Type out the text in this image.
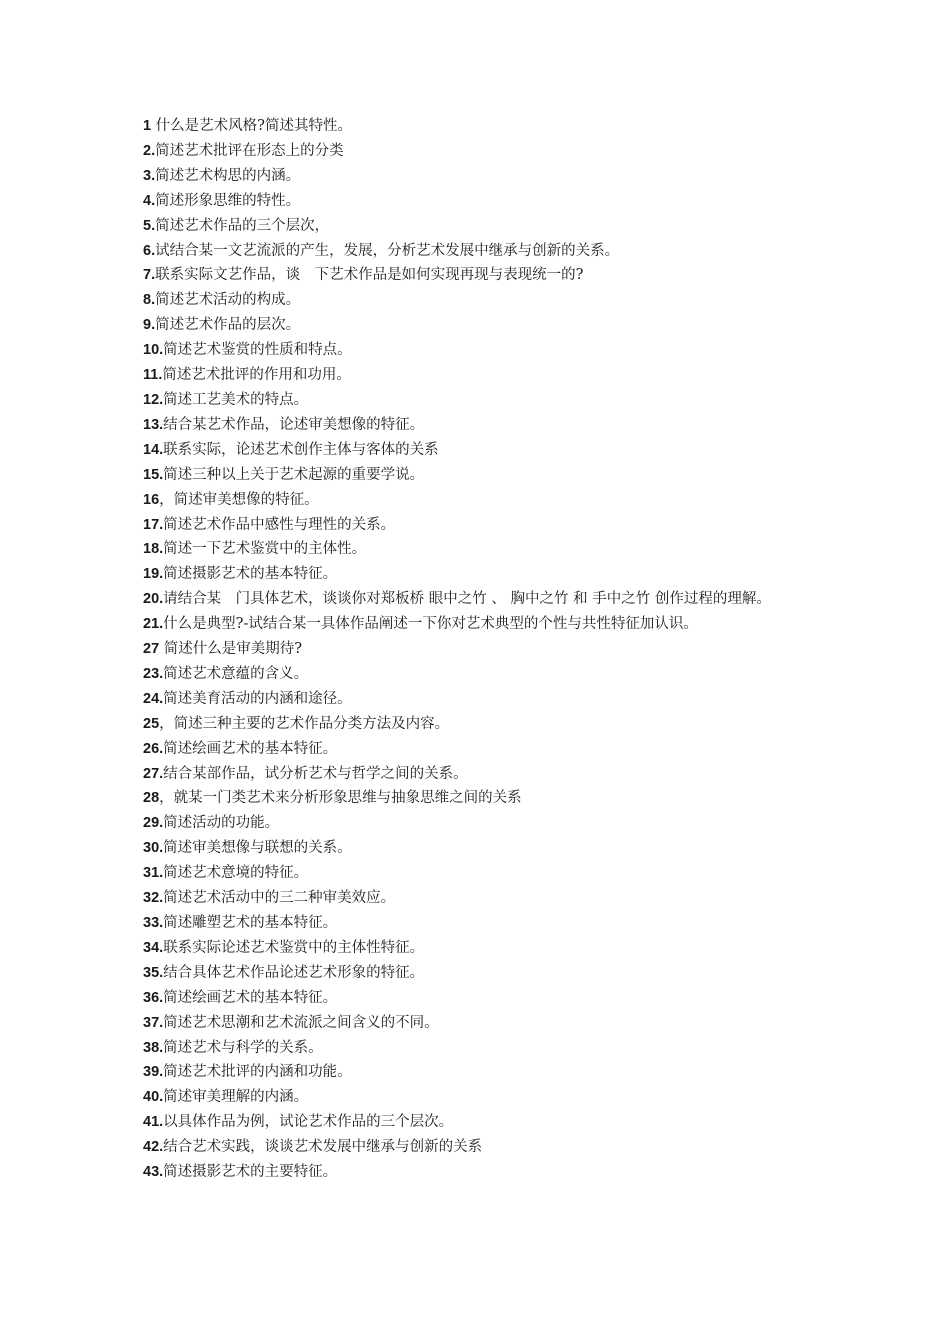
1 什么是艺术风格?简述其特性。
2.简述艺术批评在形态上的分类
3.简述艺术构思的内涵。
4.简述形象思维的特性。
5.简述艺术作品的三个层次，
6.试结合某一文艺流派的产生，发展，分析艺术发展中继承与创新的关系。
7.联系实际文艺作品，谈　下艺术作品是如何实现再现与表现统一的?
8.简述艺术活动的构成。
9.简述艺术作品的层次。
10.简述艺术鉴赏的性质和特点。
11.简述艺术批评的作用和功用。
12.简述工艺美术的特点。
13.结合某艺术作品，论述审美想像的特征。
14.联系实际，论述艺术创作主体与客体的关系
15.简述三种以上关于艺术起源的重要学说。
16，简述审美想像的特征。
17.简述艺术作品中感性与理性的关系。
18.简述一下艺术鉴赏中的主体性。
19.简述摄影艺术的基本特征。
20.请结合某　门具体艺术，谈谈你对郑板桥 眼中之竹 、 胸中之竹 和 手中之竹 创作过程的理解。
21.什么是典型?-试结合某一具体作品阐述一下你对艺术典型的个性与共性特征加认识。
27 简述什么是审美期待?
23.简述艺术意蕴的含义。
24.简述美育活动的内涵和途径。
25，简述三种主要的艺术作品分类方法及内容。
26.简述绘画艺术的基本特征。
27.结合某部作品，试分析艺术与哲学之间的关系。
28，就某一门类艺术来分析形象思维与抽象思维之间的关系
29.简述活动的功能。
30.简述审美想像与联想的关系。
31.简述艺术意境的特征。
32.简述艺术活动中的三二种审美效应。
33.简述雕塑艺术的基本特征。
34.联系实际论述艺术鉴赏中的主体性特征。
35.结合具体艺术作品论述艺术形象的特征。
36.简述绘画艺术的基本特征。
37.简述艺术思潮和艺术流派之间含义的不同。
38.简述艺术与科学的关系。
39.简述艺术批评的内涵和功能。
40.简述审美理解的内涵。
41.以具体作品为例，试论艺术作品的三个层次。
42.结合艺术实践，谈谈艺术发展中继承与创新的关系
43.简述摄影艺术的主要特征。
